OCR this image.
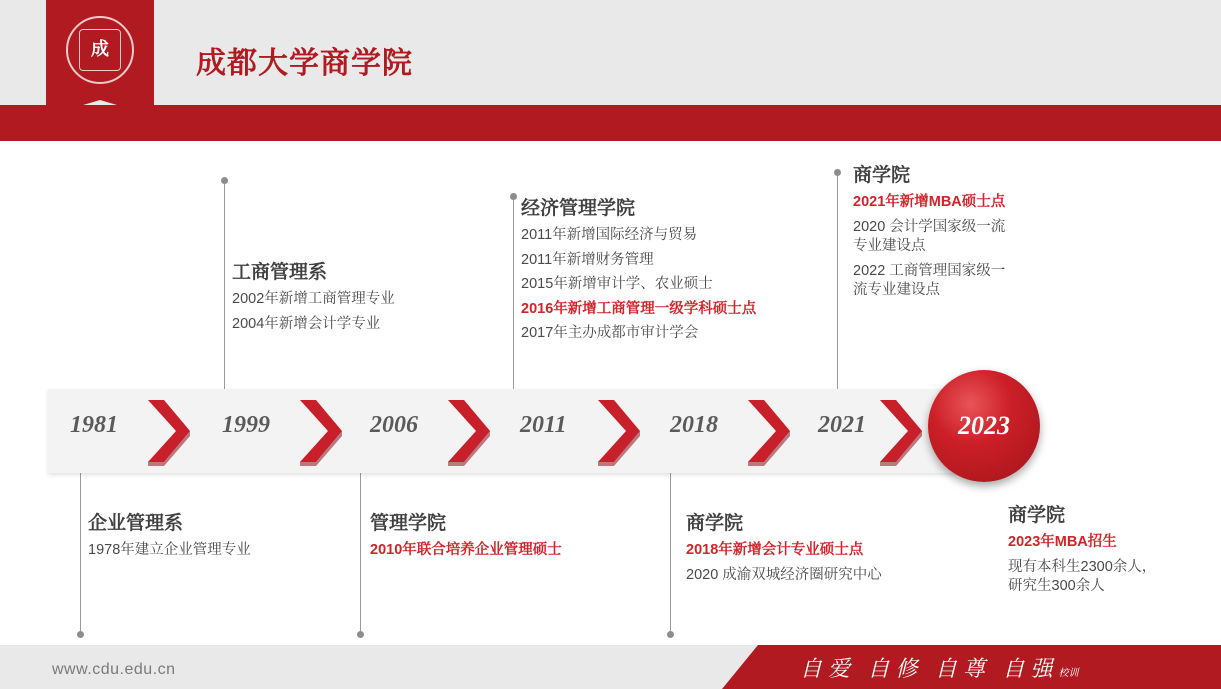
成	成都大学商学院
1981	1999	2006	2011	2018	2021	2023
工商管理系

2002年新增工商管理专业

2004年新增会计学专业

经济管理学院

2011年新增国际经济与贸易

2011年新增财务管理

2015年新增审计学、农业硕士

2016年新增工商管理一级学科硕士点

2017年主办成都市审计学会

商学院

2021年新增MBA硕士点

2020 会计学国家级一流

专业建设点

2022 工商管理国家级一

流专业建设点

企业管理系

1978年建立企业管理专业

管理学院

2010年联合培养企业管理硕士

商学院

2018年新增会计专业硕士点

2020 成渝双城经济圈研究中心

商学院

2023年MBA招生

现有本科生2300余人，

研究生300余人

www.cdu.edu.cn	自爱 自修 自尊 自强校训
